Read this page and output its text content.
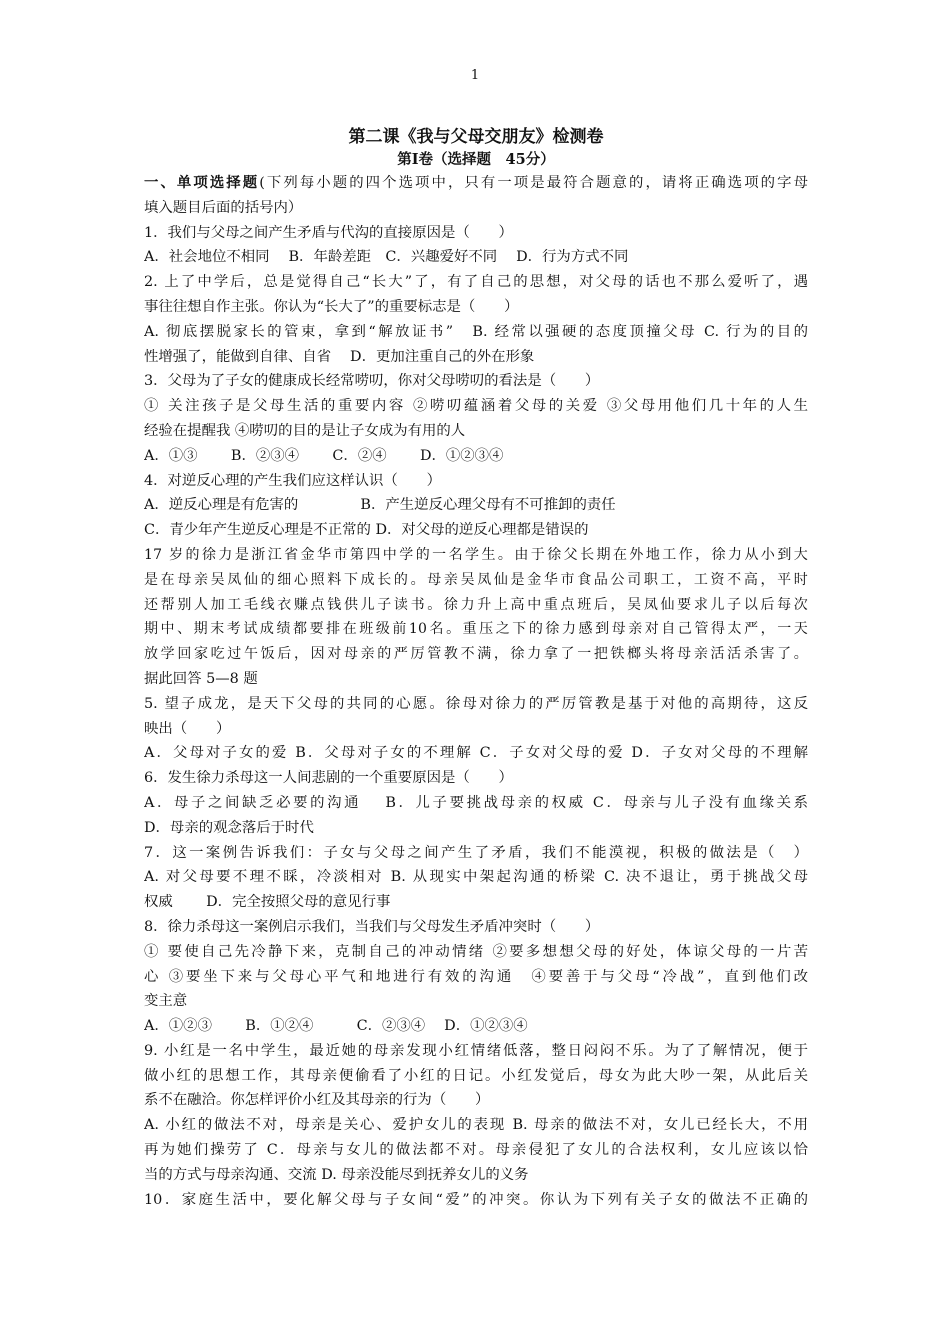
1
第二课《我与父母交朋友》检测卷
第Ⅰ卷（选择题　45分）
一、单项选择题(下列每小题的四个选项中，只有一项是最符合题意的，请将正确选项的字母
填入题目后面的括号内）
1．我们与父母之间产生矛盾与代沟的直接原因是（　　）
A．社会地位不相同　 B．年龄差距　C．兴趣爱好不同　 D．行为方式不同
2. 上了中学后，总是觉得自己“长大”了，有了自己的思想，对父母的话也不那么爱听了，遇
事往往想自作主张。你认为“长大了”的重要标志是（　　）
A. 彻底摆脱家长的管束，拿到“解放证书”　B. 经常以强硬的态度顶撞父母 C. 行为的目的
性增强了，能做到自律、自省　 D．更加注重自己的外在形象
3．父母为了子女的健康成长经常唠叨，你对父母唠叨的看法是（　　）
① 关注孩子是父母生活的重要内容 ②唠叨蕴涵着父母的关爱 ③父母用他们几十年的人生
经验在提醒我 ④唠叨的目的是让子女成为有用的人
A．①③　　 B．②③④　　 C．②④　　 D．①②③④
4．对逆反心理的产生我们应这样认识（　　）
A．逆反心理是有危害的　　　　 B．产生逆反心理父母有不可推卸的责任
C．青少年产生逆反心理是不正常的 D．对父母的逆反心理都是错误的
17 岁的徐力是浙江省金华市第四中学的一名学生。由于徐父长期在外地工作，徐力从小到大
是在母亲吴凤仙的细心照料下成长的。母亲吴凤仙是金华市食品公司职工，工资不高，平时
还帮别人加工毛线衣赚点钱供儿子读书。徐力升上高中重点班后，吴凤仙要求儿子以后每次
期中、期末考试成绩都要排在班级前10名。重压之下的徐力感到母亲对自己管得太严，一天
放学回家吃过午饭后，因对母亲的严厉管教不满，徐力拿了一把铁榔头将母亲活活杀害了。
据此回答 5—8 题
5. 望子成龙，是天下父母的共同的心愿。徐母对徐力的严厉管教是基于对他的高期待，这反
映出（　　）
A．父母对子女的爱 B．父母对子女的不理解 C．子女对父母的爱 D．子女对父母的不理解
6．发生徐力杀母这一人间悲剧的一个重要原因是（　　）
A．母子之间缺乏必要的沟通　 B．儿子要挑战母亲的权威 C．母亲与儿子没有血缘关系
D．母亲的观念落后于时代
7．这一案例告诉我们：子女与父母之间产生了矛盾，我们不能漠视，积极的做法是（　）
A. 对父母要不理不睬，冷淡相对 B. 从现实中架起沟通的桥梁 C. 决不退让，勇于挑战父母
权威　　 D．完全按照父母的意见行事
8．徐力杀母这一案例启示我们，当我们与父母发生矛盾冲突时（　　）
① 要使自己先冷静下来，克制自己的冲动情绪 ②要多想想父母的好处，体谅父母的一片苦
心 ③要坐下来与父母心平气和地进行有效的沟通　④要善于与父母“冷战”，直到他们改
变主意
A．①②③　　 B．①②④　　　C．②③④　 D．①②③④
9. 小红是一名中学生，最近她的母亲发现小红情绪低落，整日闷闷不乐。为了了解情况，便于
做小红的思想工作，其母亲便偷看了小红的日记。小红发觉后，母女为此大吵一架，从此后关
系不在融洽。你怎样评价小红及其母亲的行为（　　）
A. 小红的做法不对，母亲是关心、爱护女儿的表现 B. 母亲的做法不对，女儿已经长大，不用
再为她们操劳了 C．母亲与女儿的做法都不对。母亲侵犯了女儿的合法权利，女儿应该以恰
当的方式与母亲沟通、交流 D. 母亲没能尽到抚养女儿的义务
10．家庭生活中，要化解父母与子女间“爱”的冲突。你认为下列有关子女的做法不正确的
